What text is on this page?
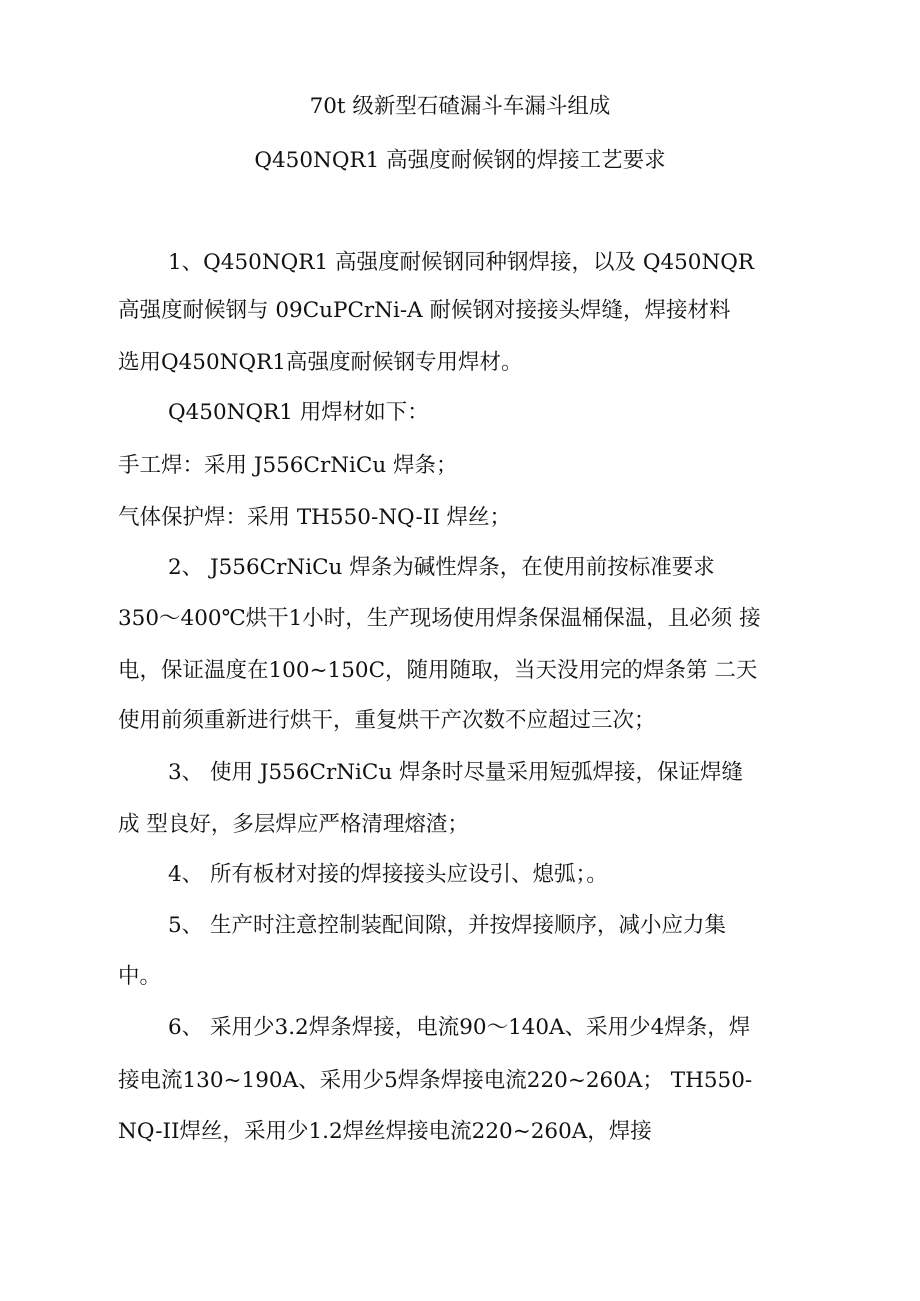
70t 级新型石碴漏斗车漏斗组成
Q450NQR1 高强度耐候钢的焊接工艺要求
1、Q450NQR1 高强度耐候钢同种钢焊接，以及 Q450NQR
高强度耐候钢与 09CuPCrNi-A 耐候钢对接接头焊缝，焊接材料
选用Q450NQR1高强度耐候钢专用焊材。
Q450NQR1 用焊材如下：
手工焊：采用 J556CrNiCu 焊条；
气体保护焊：采用 TH550-NQ-II 焊丝；
2、 J556CrNiCu 焊条为碱性焊条，在使用前按标准要求
350～400℃烘干1小时，生产现场使用焊条保温桶保温，且必须 接
电，保证温度在100~150C，随用随取，当天没用完的焊条第 二天
使用前须重新进行烘干，重复烘干产次数不应超过三次；
3、 使用 J556CrNiCu 焊条时尽量采用短弧焊接，保证焊缝
成 型良好，多层焊应严格清理熔渣；
4、 所有板材对接的焊接接头应设引、熄弧；。
5、 生产时注意控制装配间隙，并按焊接顺序，减小应力集
中。
6、 采用少3.2焊条焊接，电流90～140A、采用少4焊条，焊
接电流130~190A、采用少5焊条焊接电流220~260A； TH550-
NQ-II焊丝，采用少1.2焊丝焊接电流220~260A，焊接
